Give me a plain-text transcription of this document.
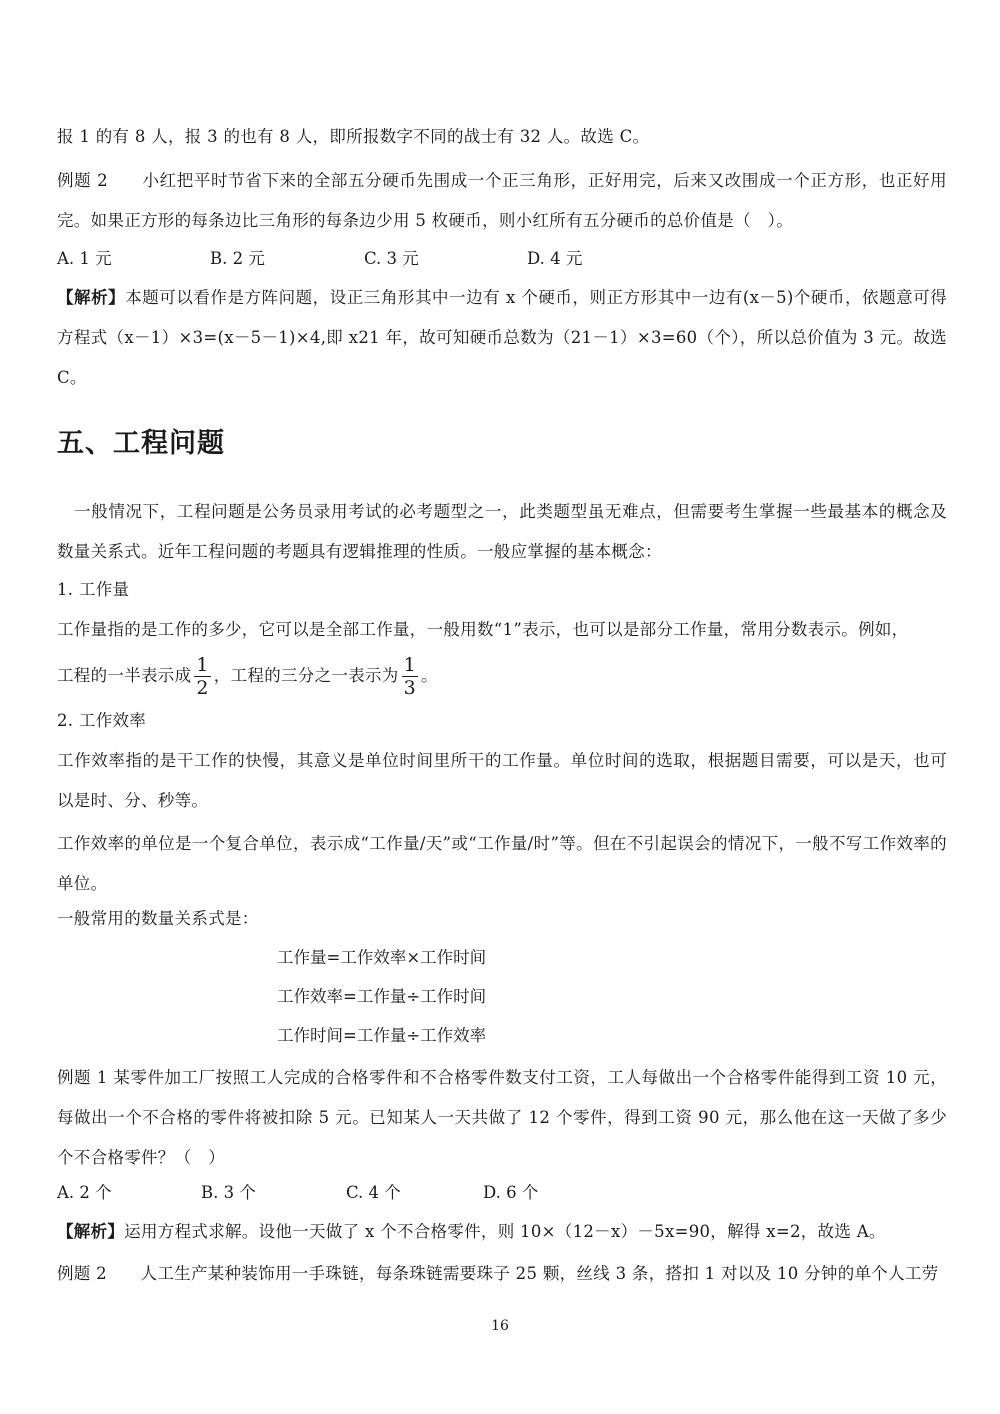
报 1 的有 8 人，报 3 的也有 8 人，即所报数字不同的战士有 32 人。故选 C。
例题 2　　小红把平时节省下来的全部五分硬币先围成一个正三角形，正好用完，后来又改围成一个正方形，也正好用完。如果正方形的每条边比三角形的每条边少用 5 枚硬币，则小红所有五分硬币的总价值是（　）。
A. 1 元	B. 2 元	C. 3 元	D. 4 元
【解析】本题可以看作是方阵问题，设正三角形其中一边有 x 个硬币，则正方形其中一边有(x－5)个硬币，依题意可得方程式（x－1）×3=(x－5－1)×4,即 x21 年，故可知硬币总数为（21－1）×3=60（个），所以总价值为 3 元。故选 C。
五、工程问题
　一般情况下，工程问题是公务员录用考试的必考题型之一，此类题型虽无难点，但需要考生掌握一些最基本的概念及数量关系式。近年工程问题的考题具有逻辑推理的性质。一般应掌握的基本概念：
1. 工作量
工作量指的是工作的多少，它可以是全部工作量，一般用数“1”表示，也可以是部分工作量，常用分数表示。例如，
工程的一半表示成 $\frac{1}{2}$ ，工程的三分之一表示为 $\frac{1}{3}$ 。
2. 工作效率
工作效率指的是干工作的快慢，其意义是单位时间里所干的工作量。单位时间的选取，根据题目需要，可以是天，也可以是时、分、秒等。
工作效率的单位是一个复合单位，表示成“工作量/天”或“工作量/时”等。但在不引起误会的情况下，一般不写工作效率的单位。
一般常用的数量关系式是：
工作量=工作效率×工作时间
工作效率=工作量÷工作时间
工作时间=工作量÷工作效率
例题 1 某零件加工厂按照工人完成的合格零件和不合格零件数支付工资，工人每做出一个合格零件能得到工资 10 元，每做出一个不合格的零件将被扣除 5 元。已知某人一天共做了 12 个零件，得到工资 90 元，那么他在这一天做了多少个不合格零件？（　）
A. 2 个	B. 3 个	C. 4 个	D. 6 个
【解析】运用方程式求解。设他一天做了 x 个不合格零件，则 10×（12－x）－5x=90，解得 x=2，故选 A。
例题 2　　人工生产某种装饰用一手珠链，每条珠链需要珠子 25 颗，丝线 3 条，搭扣 1 对以及 10 分钟的单个人工劳
16
